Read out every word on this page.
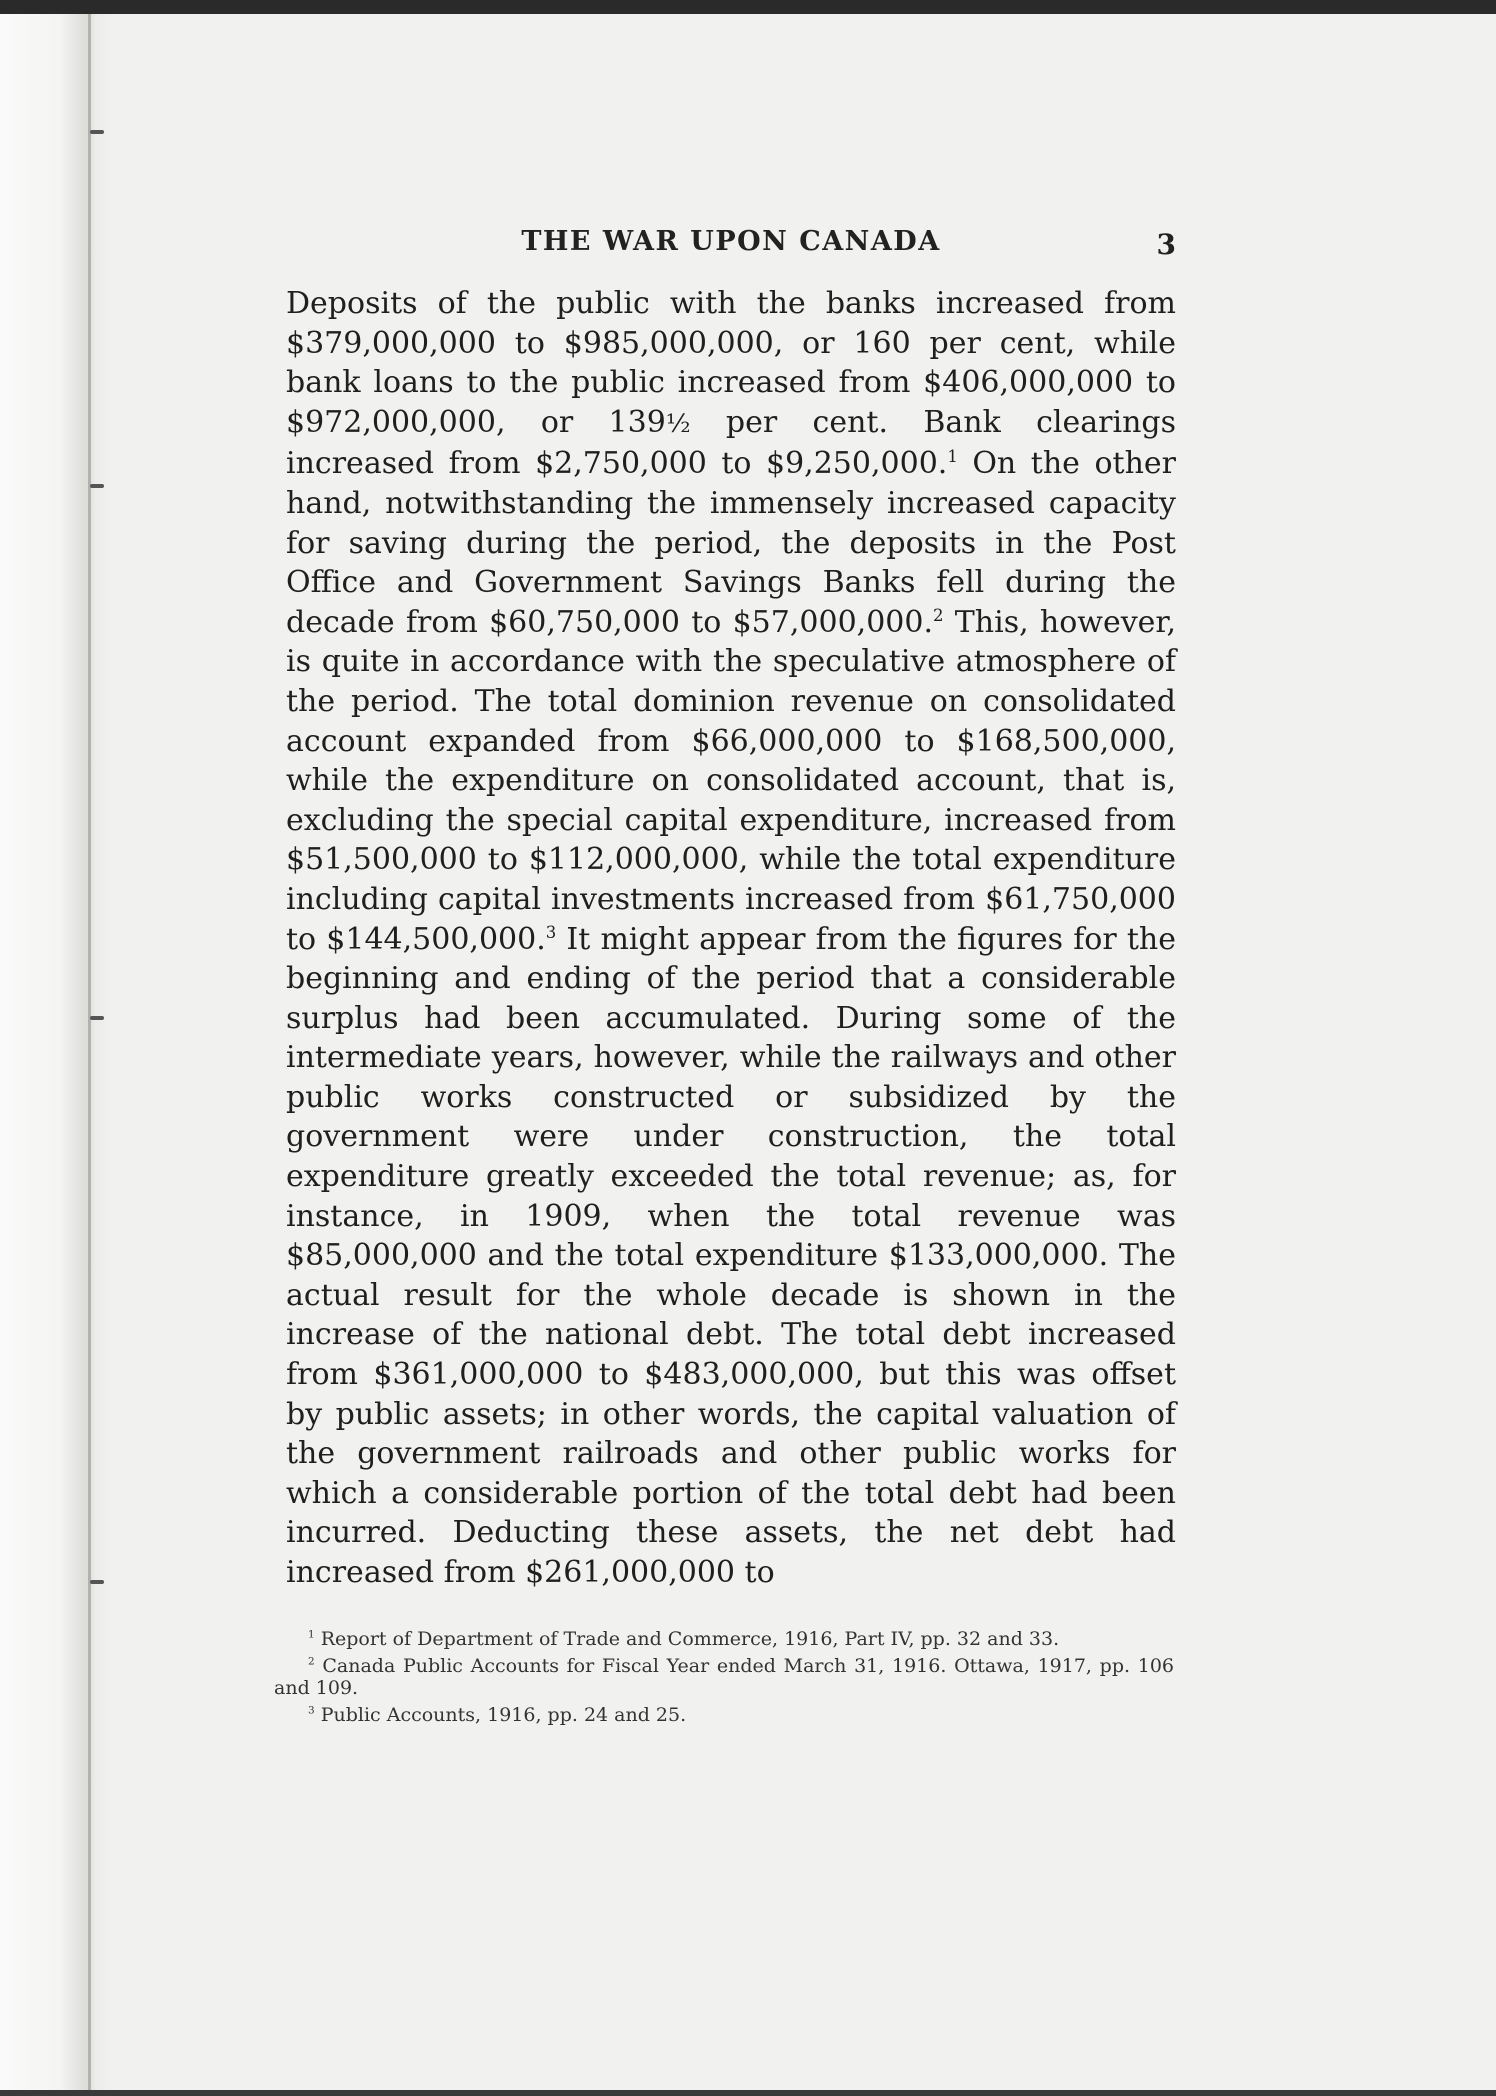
THE WAR UPON CANADA	3

Deposits of the public with the banks increased from $379,000,000 to $985,000,000, or 160 per cent, while bank loans to the public increased from $406,000,000 to $972,000,000, or 139½ per cent. Bank clearings increased from $2,750,000 to $9,250,000.$^1$ On the other hand, notwithstanding the immensely increased capacity for saving during the period, the deposits in the Post Office and Government Savings Banks fell during the decade from $60,750,000 to $57,000,000.$^2$ This, however, is quite in accordance with the speculative atmosphere of the period. The total dominion revenue on consolidated account expanded from $66,000,000 to $168,500,000, while the expenditure on consolidated account, that is, excluding the special capital expenditure, increased from $51,500,000 to $112,000,000, while the total expenditure including capital investments increased from $61,750,000 to $144,500,000.$^3$ It might appear from the figures for the beginning and ending of the period that a considerable surplus had been accumulated. During some of the intermediate years, however, while the railways and other public works constructed or subsidized by the government were under construction, the total expenditure greatly exceeded the total revenue; as, for instance, in 1909, when the total revenue was $85,000,000 and the total expenditure $133,000,000. The actual result for the whole decade is shown in the increase of the national debt. The total debt increased from $361,000,000 to $483,000,000, but this was offset by public assets; in other words, the capital valuation of the government railroads and other public works for which a considerable portion of the total debt had been incurred. Deducting these assets, the net debt had increased from $261,000,000 to

$^1$ Report of Department of Trade and Commerce, 1916, Part IV, pp. 32 and 33.

$^2$ Canada Public Accounts for Fiscal Year ended March 31, 1916. Ottawa, 1917, pp. 106 and 109.

$^3$ Public Accounts, 1916, pp. 24 and 25.
